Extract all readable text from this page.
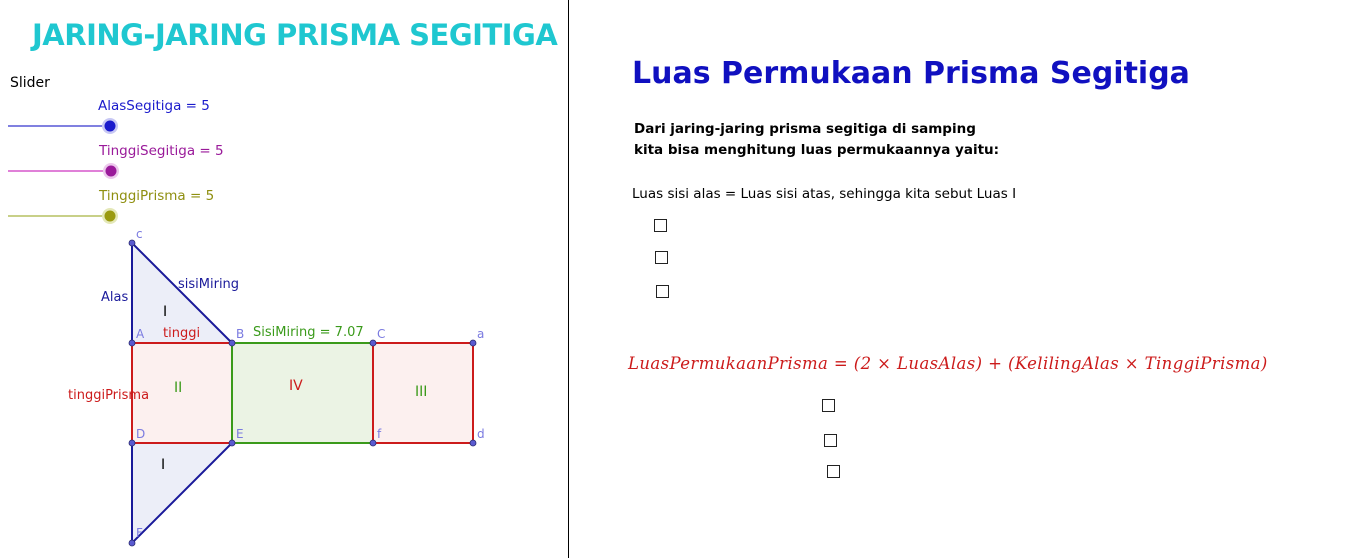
JARING-JARING PRISMA SEGITIGA
Slider
AlasSegitiga = 5
TinggiSegitiga = 5
TinggiPrisma = 5
c
A	B	C	a
D	E	f	d
F
Alas
sisiMiring
tinggi	SisiMiring = 7.07
tinggiPrisma
I
II	IV	III
I
Luas Permukaan Prisma Segitiga
Dari jaring-jaring prisma segitiga di samping
kita bisa menghitung luas permukaannya yaitu:
Luas sisi alas = Luas sisi atas, sehingga kita sebut Luas I
LuasPermukaanPrisma = (2 × LuasAlas) + (KelilingAlas × TinggiPrisma)
